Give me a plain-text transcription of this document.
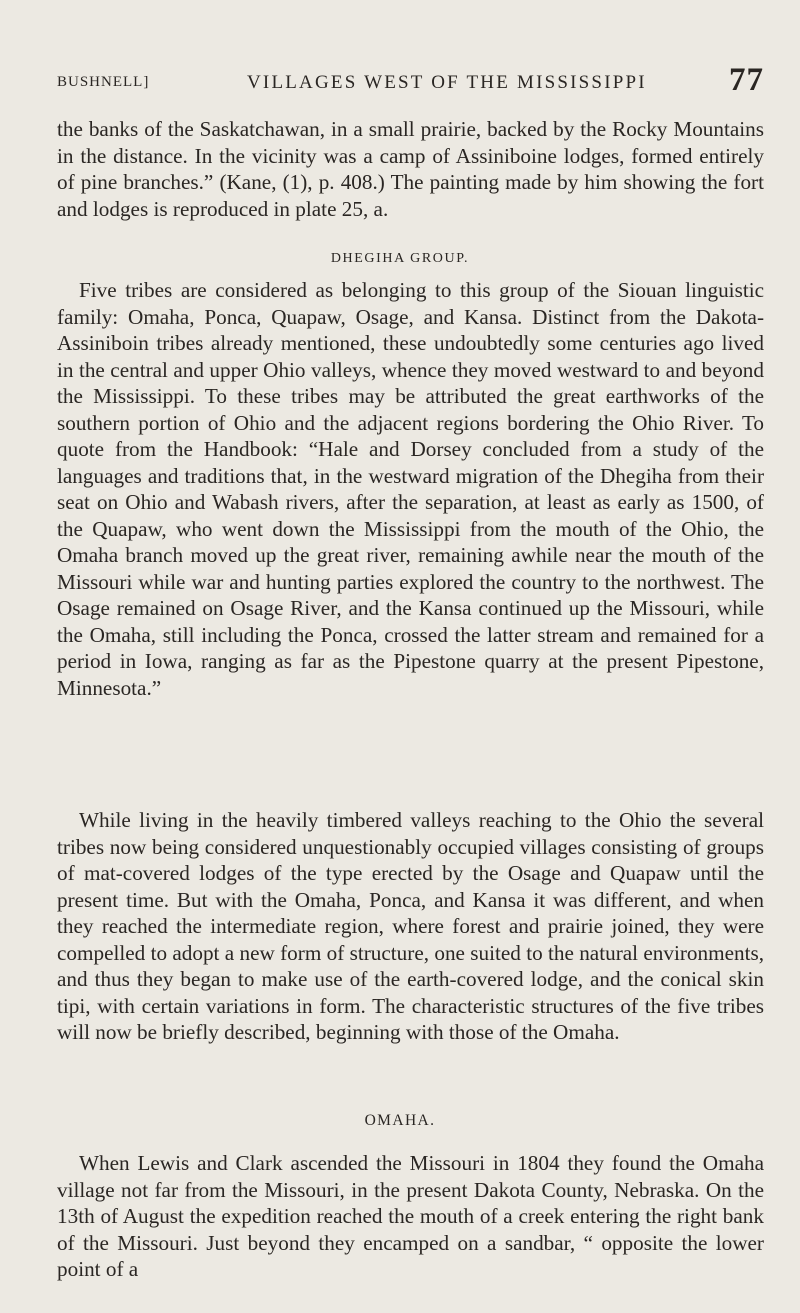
BUSHNELL]	VILLAGES WEST OF THE MISSISSIPPI 77

the banks of the Saskatchawan, in a small prairie, backed by the Rocky Mountains in the distance. In the vicinity was a camp of Assiniboine lodges, formed entirely of pine branches.” (Kane, (1), p. 408.) The painting made by him showing the fort and lodges is reproduced in plate 25, a.

DHEGIHA GROUP.

Five tribes are considered as belonging to this group of the Siouan linguistic family: Omaha, Ponca, Quapaw, Osage, and Kansa. Distinct from the Dakota-Assiniboin tribes already mentioned, these undoubtedly some centuries ago lived in the central and upper Ohio valleys, whence they moved westward to and beyond the Mississippi. To these tribes may be attributed the great earthworks of the southern portion of Ohio and the adjacent regions bordering the Ohio River. To quote from the Handbook: “Hale and Dorsey concluded from a study of the languages and traditions that, in the westward migration of the Dhegiha from their seat on Ohio and Wabash rivers, after the separation, at least as early as 1500, of the Quapaw, who went down the Mississippi from the mouth of the Ohio, the Omaha branch moved up the great river, remaining awhile near the mouth of the Missouri while war and hunting parties explored the country to the northwest. The Osage remained on Osage River, and the Kansa continued up the Missouri, while the Omaha, still including the Ponca, crossed the latter stream and remained for a period in Iowa, ranging as far as the Pipestone quarry at the present Pipestone, Minnesota.”

While living in the heavily timbered valleys reaching to the Ohio the several tribes now being considered unquestionably occupied villages consisting of groups of mat-covered lodges of the type erected by the Osage and Quapaw until the present time. But with the Omaha, Ponca, and Kansa it was different, and when they reached the intermediate region, where forest and prairie joined, they were compelled to adopt a new form of structure, one suited to the natural environments, and thus they began to make use of the earth-covered lodge, and the conical skin tipi, with certain variations in form. The characteristic structures of the five tribes will now be briefly described, beginning with those of the Omaha.

OMAHA.

When Lewis and Clark ascended the Missouri in 1804 they found the Omaha village not far from the Missouri, in the present Dakota County, Nebraska. On the 13th of August the expedition reached the mouth of a creek entering the right bank of the Missouri. Just beyond they encamped on a sandbar, “ opposite the lower point of a
